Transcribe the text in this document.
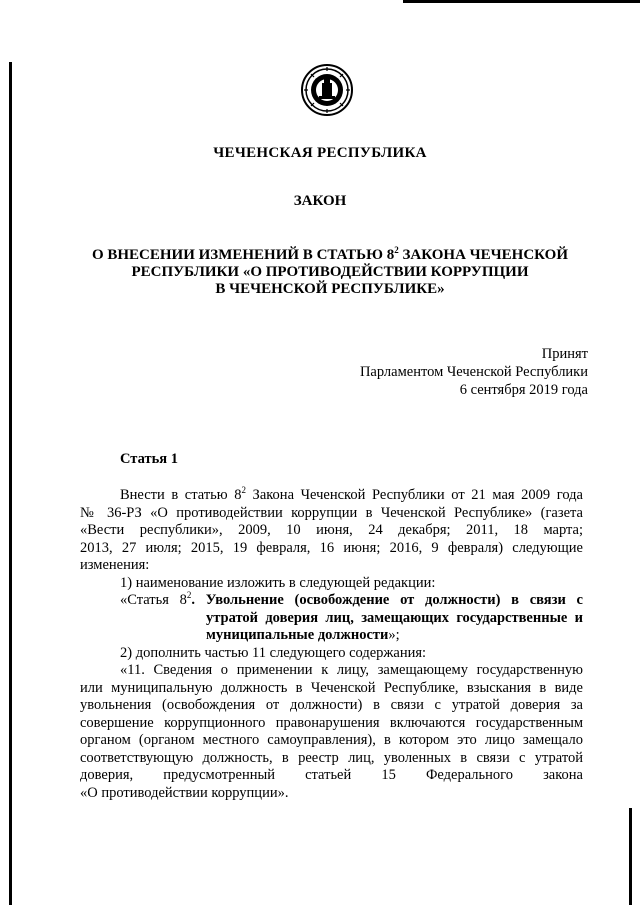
ЧЕЧЕНСКАЯ РЕСПУБЛИКА
ЗАКОН
О ВНЕСЕНИИ ИЗМЕНЕНИЙ В СТАТЬЮ $8^2$ ЗАКОНА ЧЕЧЕНСКОЙ
РЕСПУБЛИКИ «О ПРОТИВОДЕЙСТВИИ КОРРУПЦИИ
В ЧЕЧЕНСКОЙ РЕСПУБЛИКЕ»
Принят
Парламентом Чеченской Республики
6 сентября 2019 года
Статья 1

Внести в статью $8^2$ Закона Чеченской Республики от 21 мая 2009 года

№ 36-РЗ «О противодействии коррупции в Чеченской Республике» (газета

«Вести республики», 2009, 10 июня, 24 декабря; 2011, 18 марта;

2013, 27 июля; 2015, 19 февраля, 16 июня; 2016, 9 февраля) следующие

изменения:

1) наименование изложить в следующей редакции:

«Статья $8^2$. Увольнение (освобождение от должности) в связи с

утратой доверия лиц, замещающих государственные и

муниципальные должности»;

2) дополнить частью 11 следующего содержания:

«11. Сведения о применении к лицу, замещающему государственную

или муниципальную должность в Чеченской Республике, взыскания в виде

увольнения (освобождения от должности) в связи с утратой доверия за

совершение коррупционного правонарушения включаются государственным

органом (органом местного самоуправления), в котором это лицо замещало

соответствующую должность, в реестр лиц, уволенных в связи с утратой

доверия, предусмотренный статьей 15 Федерального закона

«О противодействии коррупции».
